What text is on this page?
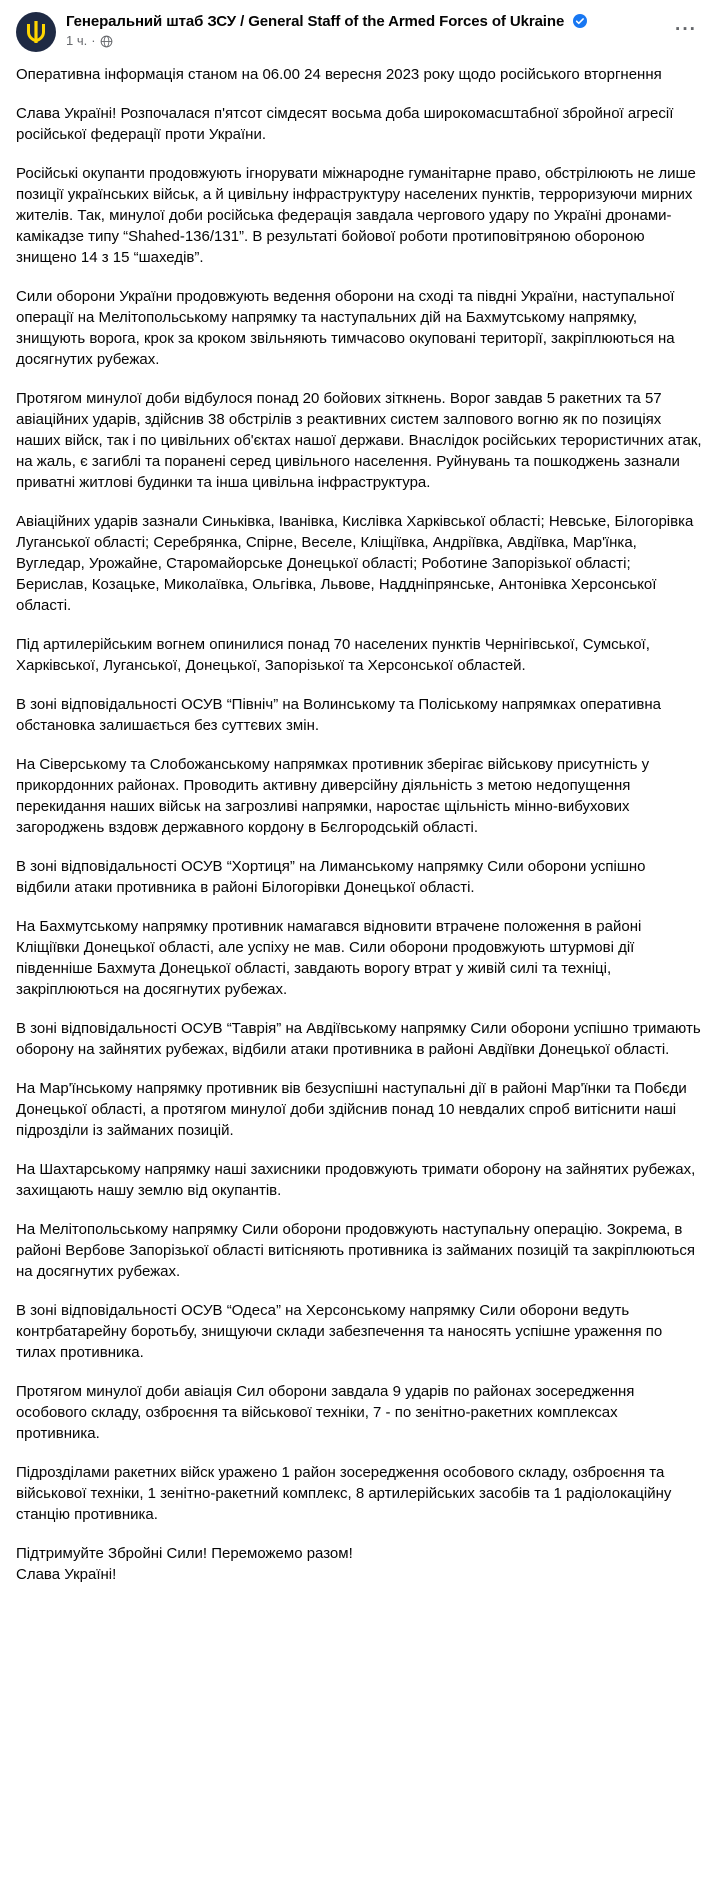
Генеральний штаб ЗСУ / General Staff of the Armed Forces of Ukraine
1 ч. ·
···

Оперативна інформація станом на 06.00 24 вересня 2023 року щодо російського вторгнення

Слава Україні! Розпочалася п'ятсот сімдесят восьма доба широкомасштабної збройної агресії російської федерації проти України.

Російські окупанти продовжують ігнорувати міжнародне гуманітарне право, обстрілюють не лише позиції українських військ, а й цивільну інфраструктуру населених пунктів, терроризуючи мирних жителів. Так, минулої доби російська федерація завдала чергового удару по Україні дронами-камікадзе типу “Shahed-136/131”. В результаті бойової роботи протиповітряною обороною знищено 14 з 15 “шахедів”.

Сили оборони України продовжують ведення оборони на сході та півдні України, наступальної операції на Мелітопольському напрямку та наступальних дій на Бахмутському напрямку, знищують ворога, крок за кроком звільняють тимчасово окуповані території, закріплюються на досягнутих рубежах.

Протягом минулої доби відбулося понад 20 бойових зіткнень. Ворог завдав 5 ракетних та 57 авіаційних ударів, здійснив 38 обстрілів з реактивних систем залпового вогню як по позиціях наших війск, так і по цивільних об'єктах нашої держави. Внаслідок російських терористичних атак, на жаль, є загиблі та поранені серед цивільного населення. Руйнувань та пошкоджень зазнали приватні житлові будинки та інша цивільна інфраструктура.

Авіаційних ударів зазнали Синьківка, Іванівка, Кислівка Харківської області; Невське, Білогорівка Луганської області; Серебрянка, Спірне, Веселе, Кліщіївка, Андріївка, Авдіївка, Мар'їнка, Вугледар, Урожайне, Старомайорське Донецької області; Роботине Запорізької області; Берислав, Козацьке, Миколаївка, Ольгівка, Львове, Наддніпрянське, Антонівка Херсонської області.

Під артилерійським вогнем опинилися понад 70 населених пунктів Чернігівської, Сумської, Харківської, Луганської, Донецької, Запорізької та Херсонської областей.

В зоні відповідальності ОСУВ “Північ” на Волинському та Поліському напрямках оперативна обстановка залишається без суттєвих змін.

На Сіверському та Слобожанському напрямках противник зберігає військову присутність у прикордонних районах. Проводить активну диверсійну діяльність з метою недопущення перекидання наших військ на загрозливі напрямки, наростає щільність мінно-вибухових загороджень вздовж державного кордону в Бєлгородській області.

В зоні відповідальності ОСУВ “Хортиця” на Лиманському напрямку Сили оборони успішно відбили атаки противника в районі Білогорівки Донецької області.

На Бахмутському напрямку противник намагався відновити втрачене положення в районі Кліщіївки Донецької області, але успіху не мав. Сили оборони продовжують штурмові дії південніше Бахмута Донецької області, завдають ворогу втрат у живій силі та техніці, закріплюються на досягнутих рубежах.

В зоні відповідальності ОСУВ “Таврія” на Авдіївському напрямку Сили оборони успішно тримають оборону на зайнятих рубежах, відбили атаки противника в районі Авдіївки Донецької області.

На Мар'їнському напрямку противник вів безуспішні наступальні дії в районі Мар'їнки та Побєди Донецької області, а протягом минулої доби здійснив понад 10 невдалих спроб витіснити наші підрозділи із займаних позицій.

На Шахтарському напрямку наші захисники продовжують тримати оборону на зайнятих рубежах, захищають нашу землю від окупантів.

На Мелітопольському напрямку Сили оборони продовжують наступальну операцію. Зокрема, в районі Вербове Запорізької області витісняють противника із займаних позицій та закріплюються на досягнутих рубежах.

В зоні відповідальності ОСУВ “Одеса” на Херсонському напрямку Сили оборони ведуть контрбатарейну боротьбу, знищуючи склади забезпечення та наносять успішне ураження по тилах противника.

Протягом минулої доби авіація Сил оборони завдала 9 ударів по районах зосередження особового складу, озброєння та військової техніки, 7 - по зенітно-ракетних комплексах противника.

Підрозділами ракетних війск уражено 1 район зосередження особового складу, озброєння та військової техніки, 1 зенітно-ракетний комплекс, 8 артилерійських засобів та 1 радіолокаційну станцію противника.

Підтримуйте Збройні Сили! Переможемо разом!

Слава Україні!
